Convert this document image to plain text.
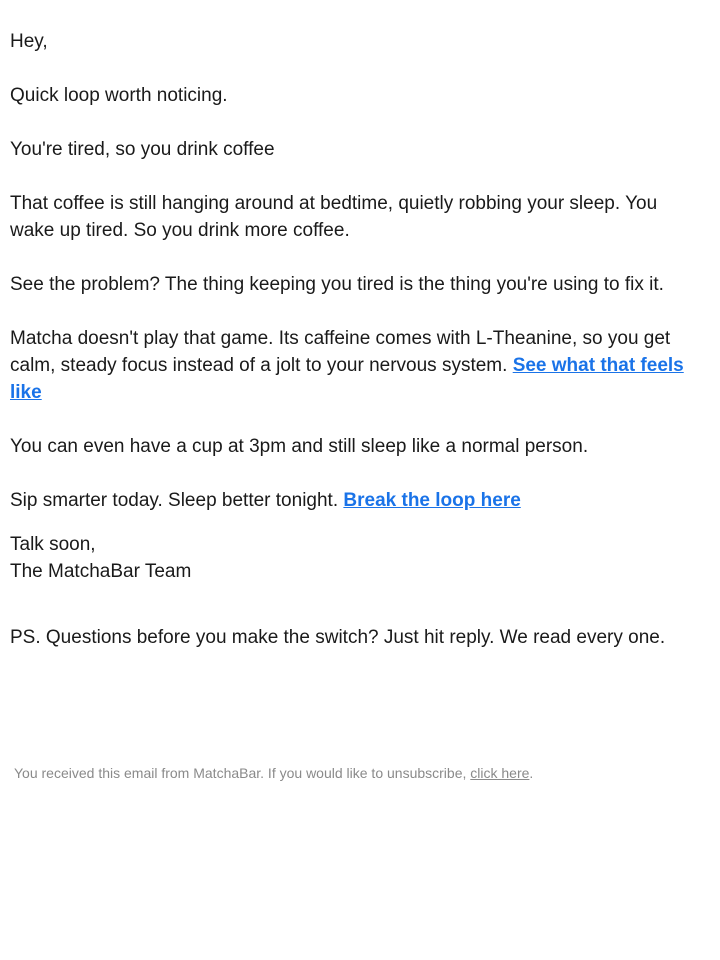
Hey,

Quick loop worth noticing.

You're tired, so you drink coffee

That coffee is still hanging around at bedtime, quietly robbing your sleep. You wake up tired. So you drink more coffee.

See the problem? The thing keeping you tired is the thing you're using to fix it.

Matcha doesn't play that game. Its caffeine comes with L-Theanine, so you get calm, steady focus instead of a jolt to your nervous system. See what that feels like

You can even have a cup at 3pm and still sleep like a normal person.

Sip smarter today. Sleep better tonight. Break the loop here

Talk soon,
The MatchaBar Team

PS. Questions before you make the switch? Just hit reply. We read every one.

You received this email from MatchaBar. If you would like to unsubscribe, click here.
